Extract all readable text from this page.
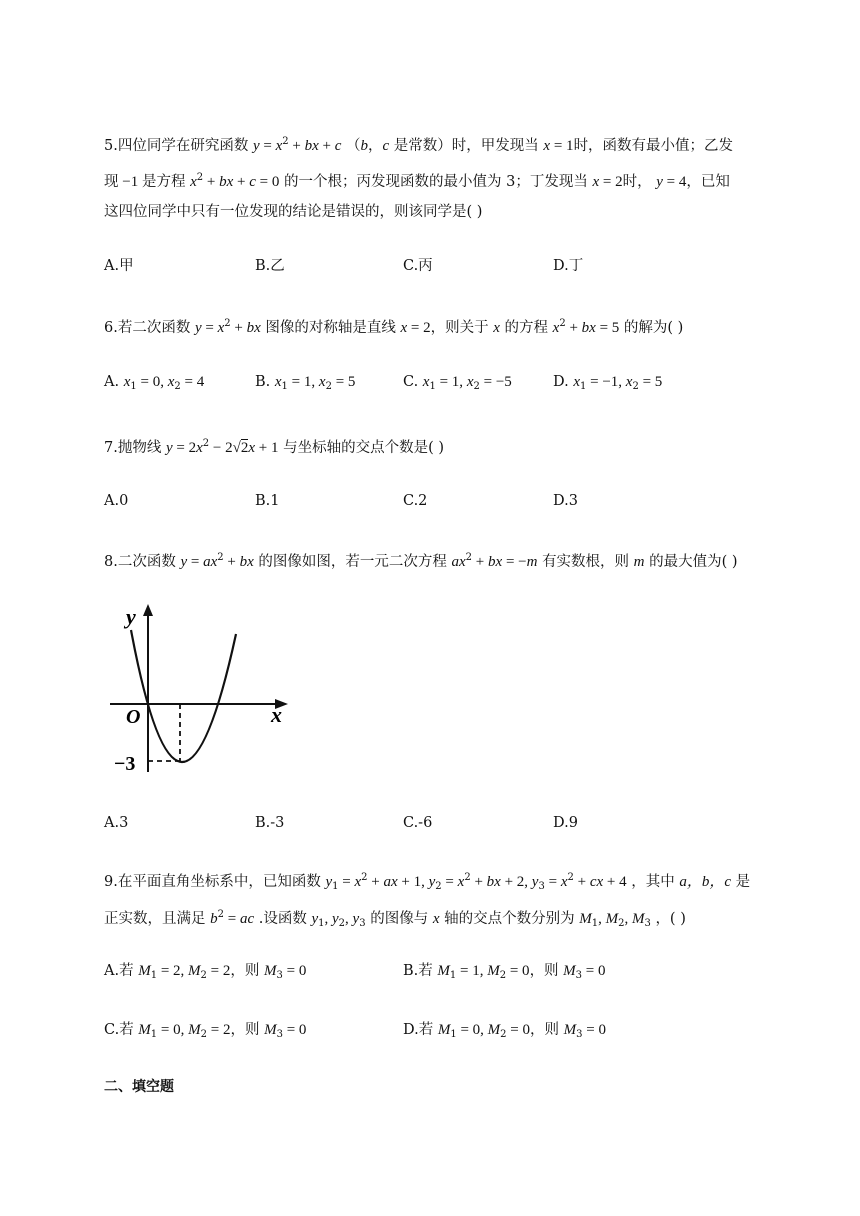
5.四位同学在研究函数 $y = x^2$ + bx + c （b，c 是常数）时，甲发现当 x = 1时，函数有最小值；乙发
现 −1 是方程 $x^2$ + bx + c = 0 的一个根；丙发现函数的最小值为 3；丁发现当 x = 2时， y = 4，已知
这四位同学中只有一位发现的结论是错误的，则该同学是( )
A.甲	B.乙	C.丙	D.丁
6.若二次函数 $y = x^2$ + bx 图像的对称轴是直线 x = 2，则关于 x 的方程 $x^2$ + bx = 5 的解为( )
A. $x_1 = 0$, $x_2 = 4$	B. $x_1 = 1$, $x_2 = 5$	C. $x_1 = 1$, $x_2 = -5$	D. $x_1 = -1$, $x_2 = 5$
7.抛物线 $y = 2x^2 - 2√2x + 1$ 与坐标轴的交点个数是( )
A.0	B.1	C.2	D.3
8.二次函数 $y = ax^2$ + bx 的图像如图，若一元二次方程 $ax^2$ + bx = −m 有实数根，则 m 的最大值为( )
y
x
O
−3
A.3	B.-3	C.-6	D.9
9.在平面直角坐标系中，已知函数 $y_1 = x^2$ + ax + 1, $y_2 = x^2$ + bx + 2, $y_3 = x^2$ + cx + 4 ，其中 a，b，c 是
正实数，且满足 $b^2$ = ac .设函数 $y_1$, $y_2$, $y_3$ 的图像与 x 轴的交点个数分别为 $M_1$, $M_2$, $M_3$ ，( )
A.若 $M_1 = 2$, $M_2 = 2$，则 $M_3 = 0$	B.若 $M_1 = 1$, $M_2 = 0$，则 $M_3 = 0$
C.若 $M_1 = 0$, $M_2 = 2$，则 $M_3 = 0$	D.若 $M_1 = 0$, $M_2 = 0$，则 $M_3 = 0$
二、填空题
